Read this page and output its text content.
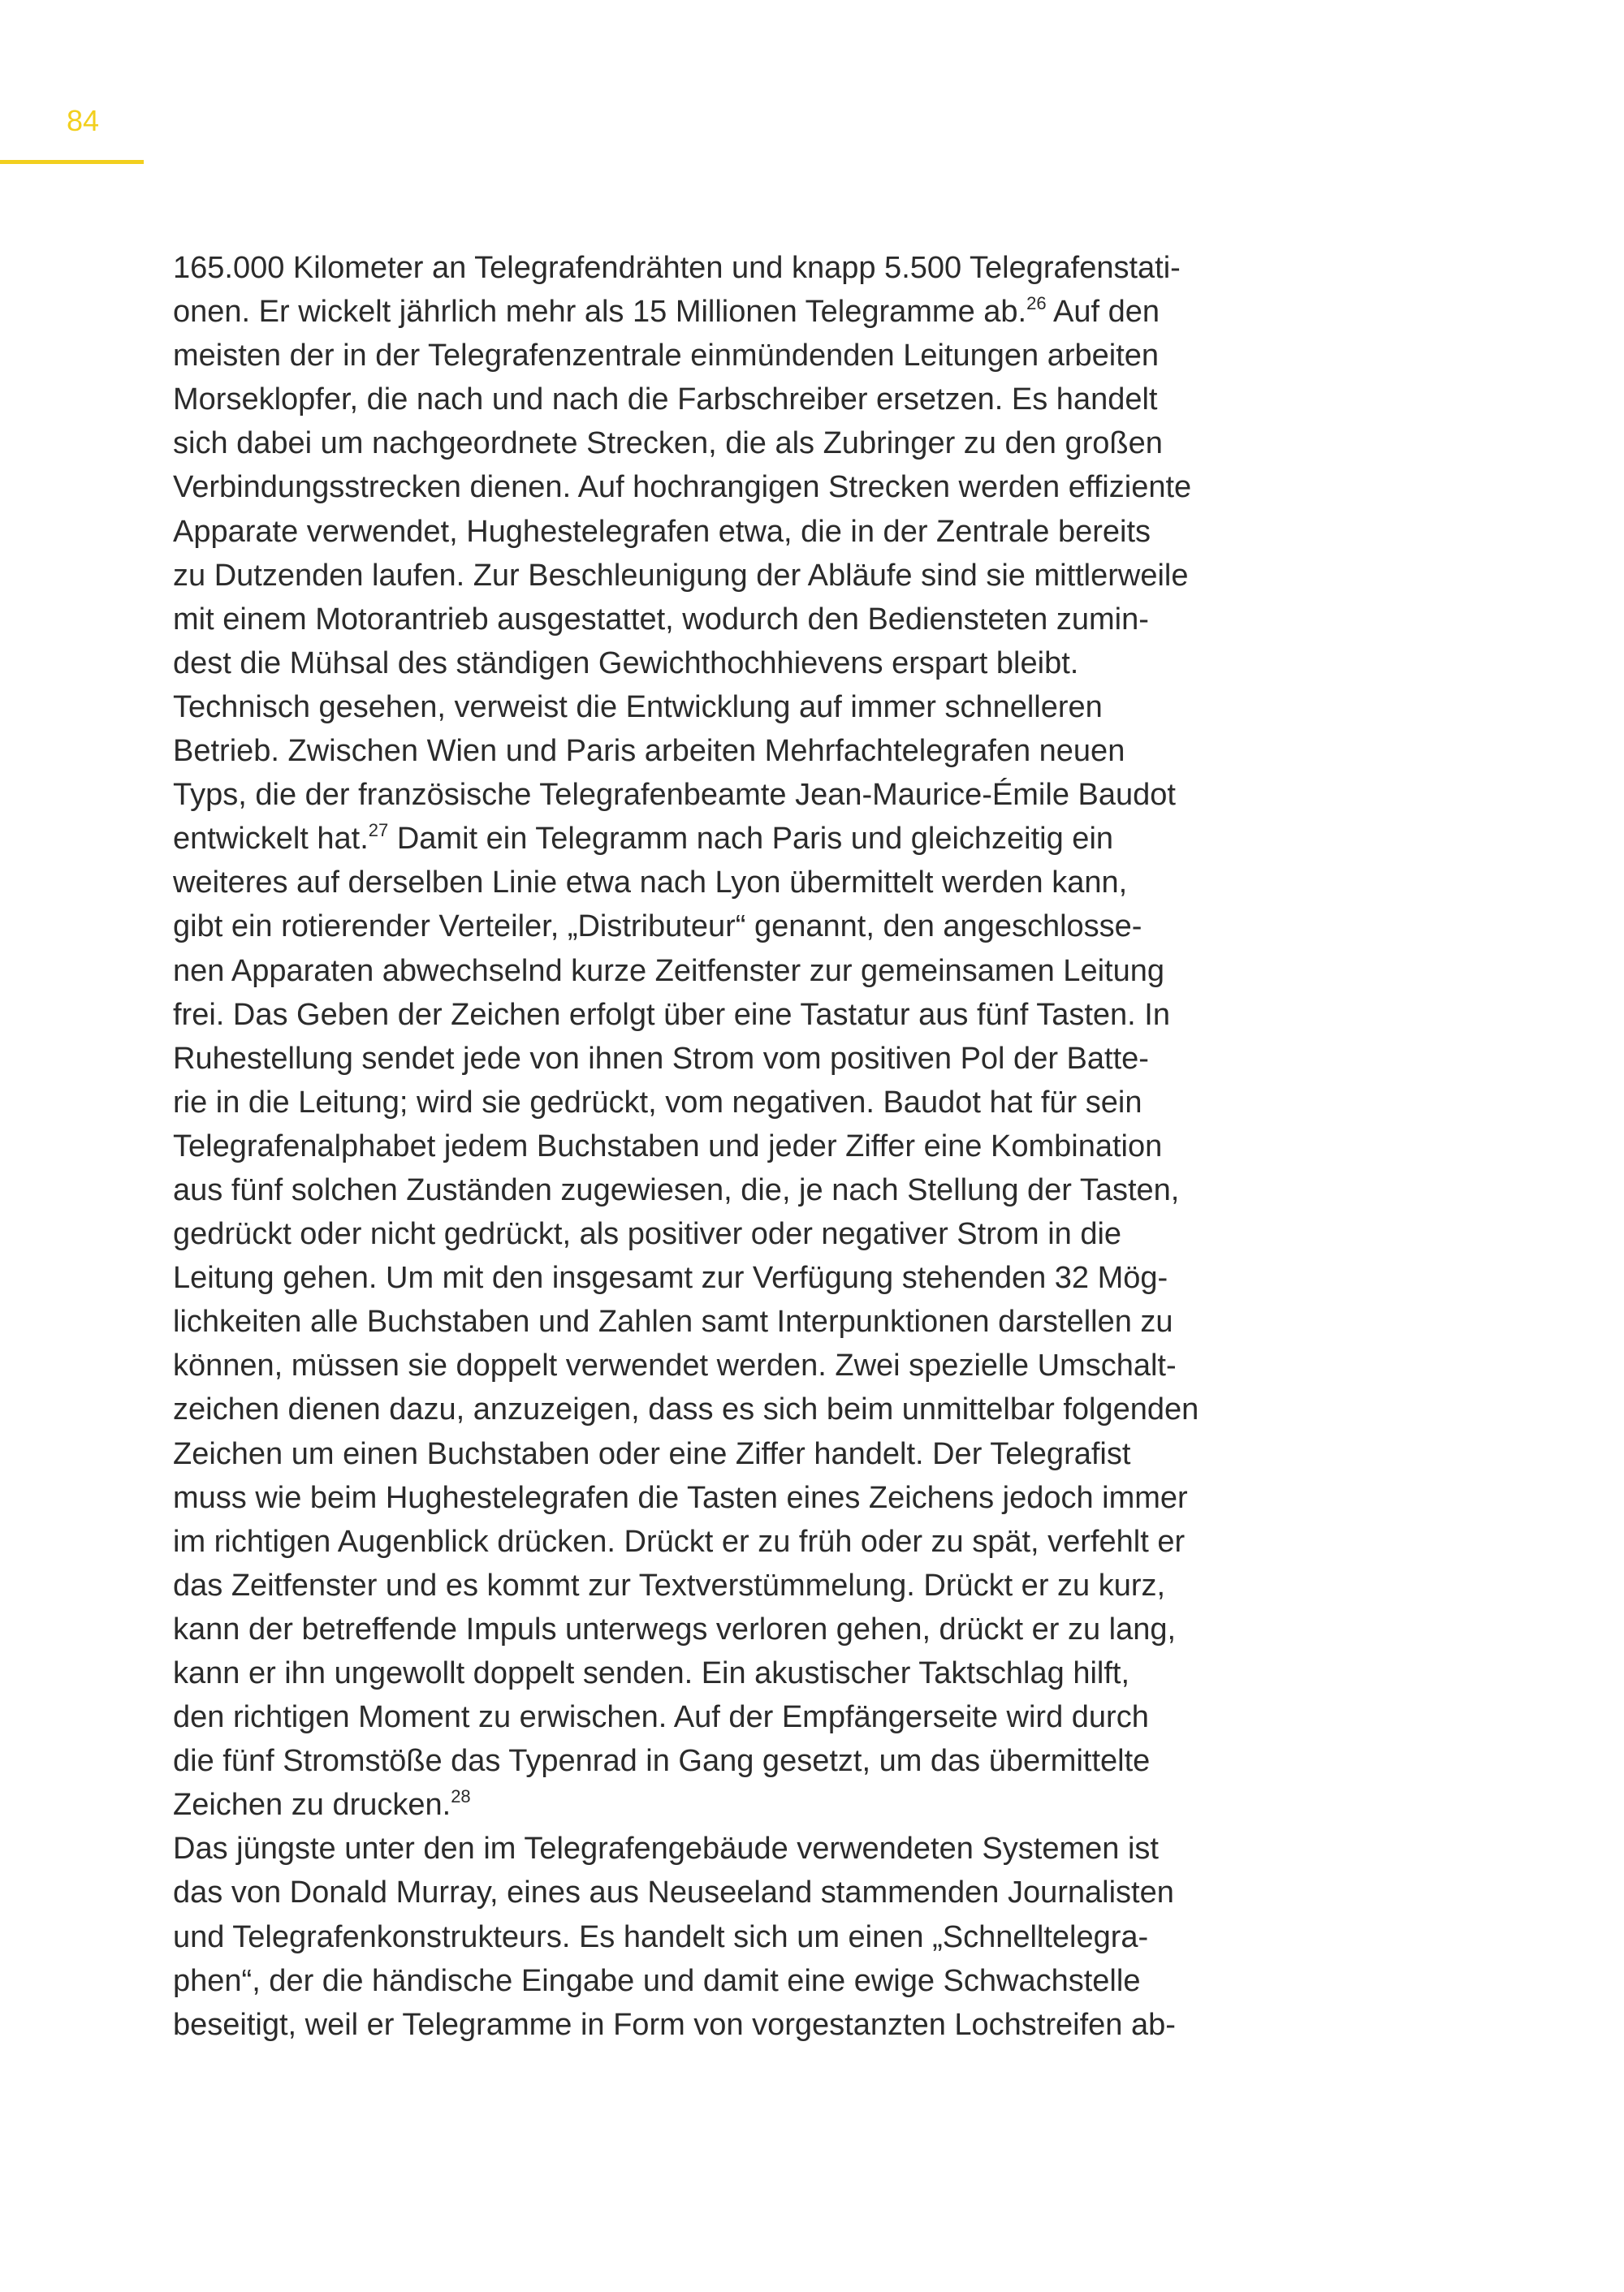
84
165.000 Kilometer an Telegrafendrähten und knapp 5.500 Telegrafenstati-
onen. Er wickelt jährlich mehr als 15 Millionen Telegramme ab.$^{26}$ Auf den
meisten der in der Telegrafenzentrale einmündenden Leitungen arbeiten
Morseklopfer, die nach und nach die Farbschreiber ersetzen. Es handelt
sich dabei um nachgeordnete Strecken, die als Zubringer zu den großen
Verbindungsstrecken dienen. Auf hochrangigen Strecken werden effiziente
Apparate verwendet, Hughestelegrafen etwa, die in der Zentrale bereits
zu Dutzenden laufen. Zur Beschleunigung der Abläufe sind sie mittlerweile
mit einem Motorantrieb ausgestattet, wodurch den Bediensteten zumin-
dest die Mühsal des ständigen Gewichthochhievens erspart bleibt.
Technisch gesehen, verweist die Entwicklung auf immer schnelleren
Betrieb. Zwischen Wien und Paris arbeiten Mehrfachtelegrafen neuen
Typs, die der französische Telegrafenbeamte Jean-Maurice-Émile Baudot
entwickelt hat.$^{27}$ Damit ein Telegramm nach Paris und gleichzeitig ein
weiteres auf derselben Linie etwa nach Lyon übermittelt werden kann,
gibt ein rotierender Verteiler, „Distributeur“ genannt, den angeschlosse-
nen Apparaten abwechselnd kurze Zeitfenster zur gemeinsamen Leitung
frei. Das Geben der Zeichen erfolgt über eine Tastatur aus fünf Tasten. In
Ruhestellung sendet jede von ihnen Strom vom positiven Pol der Batte-
rie in die Leitung; wird sie gedrückt, vom negativen. Baudot hat für sein
Telegrafenalphabet jedem Buchstaben und jeder Ziffer eine Kombination
aus fünf solchen Zuständen zugewiesen, die, je nach Stellung der Tasten,
gedrückt oder nicht gedrückt, als positiver oder negativer Strom in die
Leitung gehen. Um mit den insgesamt zur Verfügung stehenden 32 Mög-
lichkeiten alle Buchstaben und Zahlen samt Interpunktionen darstellen zu
können, müssen sie doppelt verwendet werden. Zwei spezielle Umschalt-
zeichen dienen dazu, anzuzeigen, dass es sich beim unmittelbar folgenden
Zeichen um einen Buchstaben oder eine Ziffer handelt. Der Telegrafist
muss wie beim Hughestelegrafen die Tasten eines Zeichens jedoch immer
im richtigen Augenblick drücken. Drückt er zu früh oder zu spät, verfehlt er
das Zeitfenster und es kommt zur Textverstümmelung. Drückt er zu kurz,
kann der betreffende Impuls unterwegs verloren gehen, drückt er zu lang,
kann er ihn ungewollt doppelt senden. Ein akustischer Taktschlag hilft,
den richtigen Moment zu erwischen. Auf der Empfängerseite wird durch
die fünf Stromstöße das Typenrad in Gang gesetzt, um das übermittelte
Zeichen zu drucken.$^{28}$
Das jüngste unter den im Telegrafengebäude verwendeten Systemen ist
das von Donald Murray, eines aus Neuseeland stammenden Journalisten
und Telegrafenkonstrukteurs. Es handelt sich um einen „Schnelltelegra-
phen“, der die händische Eingabe und damit eine ewige Schwachstelle
beseitigt, weil er Telegramme in Form von vorgestanzten Lochstreifen ab-
